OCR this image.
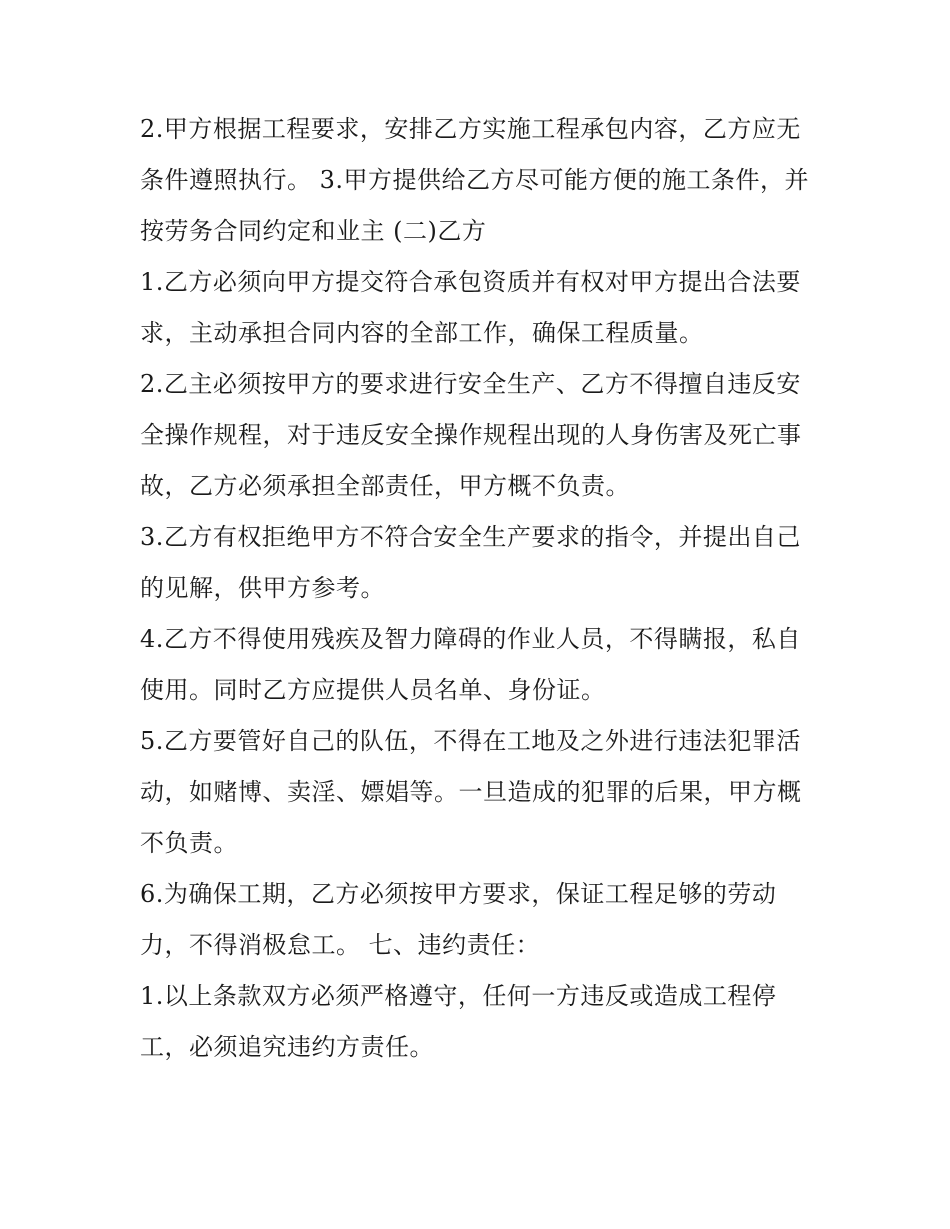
2.甲方根据工程要求，安排乙方实施工程承包内容，乙方应无
条件遵照执行。 3.甲方提供给乙方尽可能方便的施工条件，并
按劳务合同约定和业主 (二)乙方

1.乙方必须向甲方提交符合承包资质并有权对甲方提出合法要
求，主动承担合同内容的全部工作，确保工程质量。

2.乙主必须按甲方的要求进行安全生产、乙方不得擅自违反安
全操作规程，对于违反安全操作规程出现的人身伤害及死亡事
故，乙方必须承担全部责任，甲方概不负责。

3.乙方有权拒绝甲方不符合安全生产要求的指令，并提出自己
的见解，供甲方参考。

4.乙方不得使用残疾及智力障碍的作业人员，不得瞒报，私自
使用。同时乙方应提供人员名单、身份证。

5.乙方要管好自己的队伍，不得在工地及之外进行违法犯罪活
动，如赌博、卖淫、嫖娼等。一旦造成的犯罪的后果，甲方概
不负责。

6.为确保工期，乙方必须按甲方要求，保证工程足够的劳动
力，不得消极怠工。 七、违约责任：

1.以上条款双方必须严格遵守，任何一方违反或造成工程停
工，必须追究违约方责任。
